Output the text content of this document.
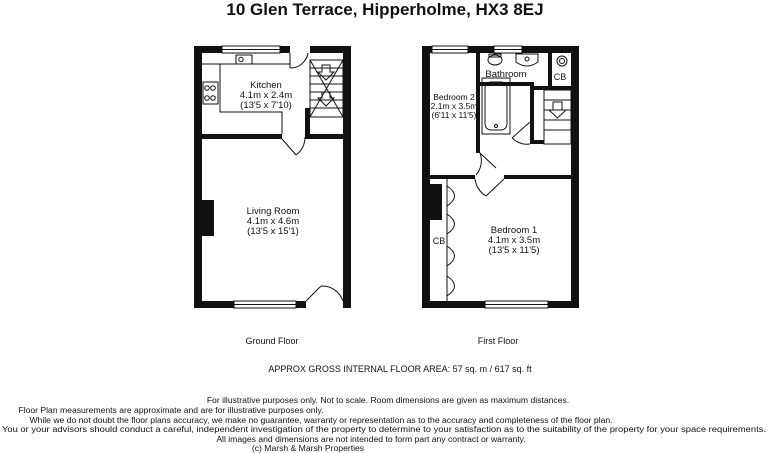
10 Glen Terrace, Hipperholme, HX3 8EJ
Kitchen
4.1m x 2.4m
(13'5 x 7'10)
Living Room
4.1m x 4.6m
(13'5 x 15'1)
Ground Floor
Bathroom	CB
Bedroom 2
2.1m x 3.5m
(6'11 x 11'5)
CB
Bedroom 1
4.1m x 3.5m
(13'5 x 11'5)
First Floor
APPROX GROSS INTERNAL FLOOR AREA: 57 sq. m / 617 sq. ft
For illustrative purposes only. Not to scale. Room dimensions are given as maximum distances.
Floor Plan measurements are approximate and are for illustrative purposes only.
While we do not doubt the floor plans accuracy, we make no guarantee, warranty or representation as to the accuracy and completeness of the floor plan.
You or your advisors should conduct a careful, independent investigation of the property to determine to your satisfaction as to the suitability of the property for your space requirements.
All images and dimensions are not intended to form part any contract or warranty.
(c) Marsh & Marsh Properties
